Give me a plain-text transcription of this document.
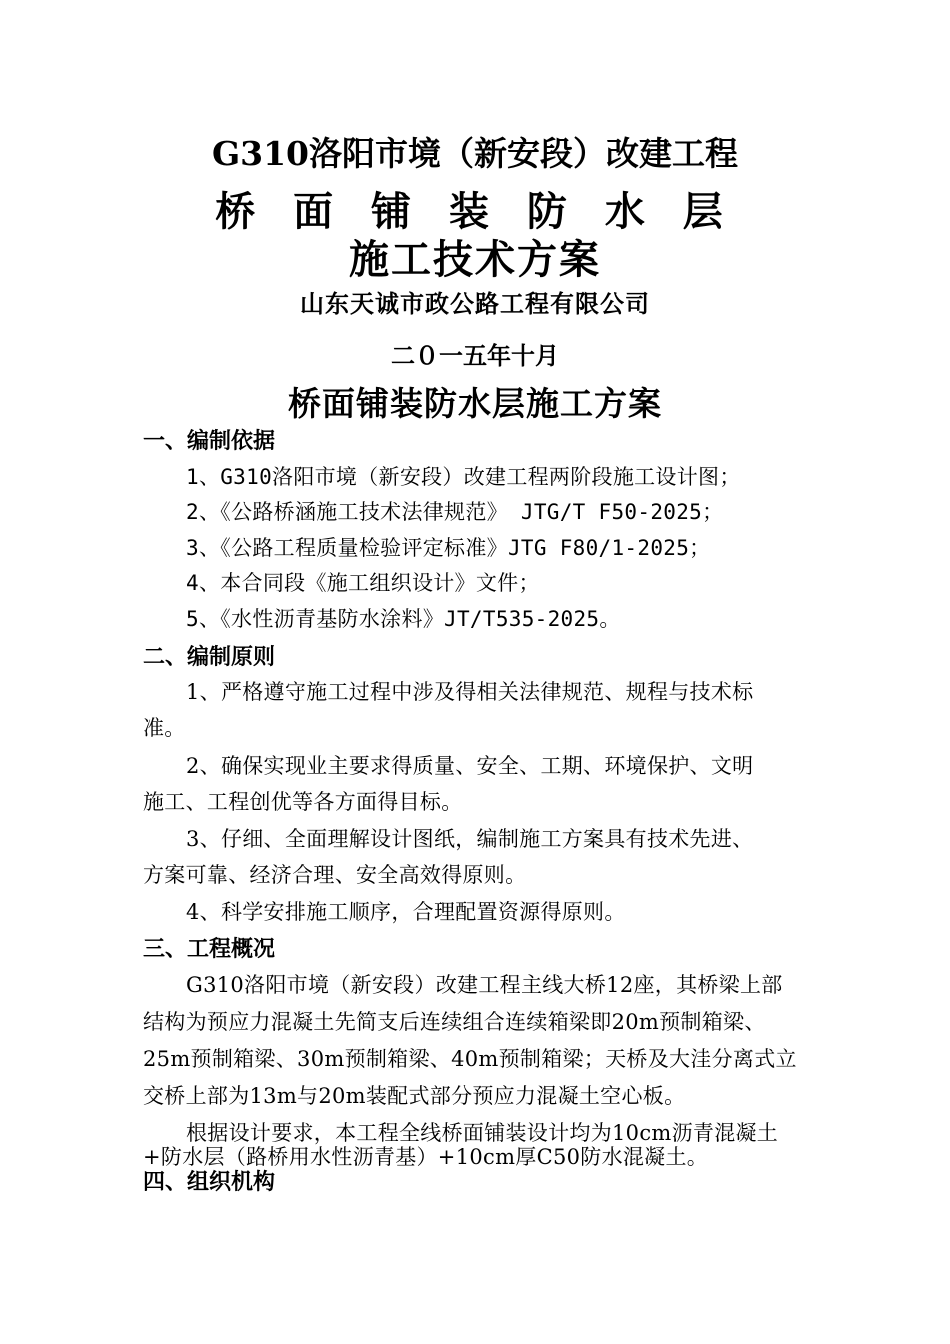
G310洛阳市境（新安段）改建工程
桥 面 铺 装 防 水 层
施工技术方案
山东天诚市政公路工程有限公司
二０一五年十月
桥面铺装防水层施工方案
一、编制依据
1、G310洛阳市境（新安段）改建工程两阶段施工设计图；
2、《公路桥涵施工技术法律规范》 JTG/T F50-2025；
3、《公路工程质量检验评定标准》JTG F80/1-2025；
4、本合同段《施工组织设计》文件；
5、《水性沥青基防水涂料》JT/T535-2025。
二、编制原则
1、严格遵守施工过程中涉及得相关法律规范、规程与技术标
准。
2、确保实现业主要求得质量、安全、工期、环境保护、文明
施工、工程创优等各方面得目标。
3、仔细、全面理解设计图纸，编制施工方案具有技术先进、
方案可靠、经济合理、安全高效得原则。
4、科学安排施工顺序，合理配置资源得原则。
三、工程概况
G310洛阳市境（新安段）改建工程主线大桥12座，其桥梁上部
结构为预应力混凝土先简支后连续组合连续箱梁即20m预制箱梁、
25m预制箱梁、30m预制箱梁、40m预制箱梁；天桥及大洼分离式立
交桥上部为13m与20m装配式部分预应力混凝土空心板。
根据设计要求，本工程全线桥面铺装设计均为10cm沥青混凝土
+防水层（路桥用水性沥青基）+10cm厚C50防水混凝土。
四、组织机构
